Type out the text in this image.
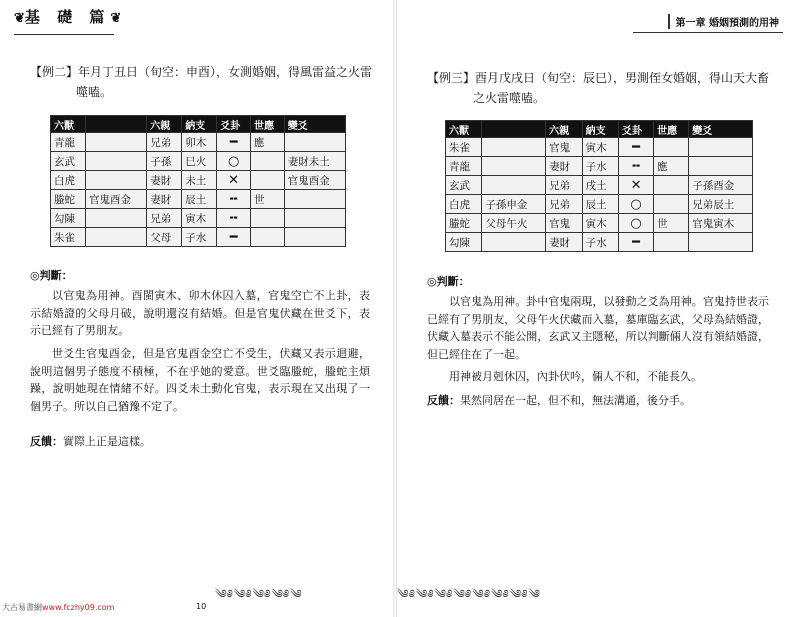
❦基 礎 篇❦
【例二】年月丁丑日（旬空：申酉），女測婚姻，得風雷益之火雷
噬嗑。
六獸		六親	納支	爻卦	世應	變爻
青龍		兄弟	卯木	━	應	
玄武		子孫	巳火	○		妻財未土
白虎		妻財	未土	✕		官鬼酉金
螣蛇	官鬼酉金	妻財	辰土	╍	世	
勾陳		兄弟	寅木	╍		
朱雀		父母	子水	━		
◎判斷：
以官鬼為用神。酉閩寅木、卯木休囚入墓，官鬼空亡不上卦，表示結婚證的父母月破，說明還沒有結婚。但是官鬼伏藏在世爻下，表示已經有了男朋友。
世爻生官鬼酉金，但是官鬼酉金空亡不受生，伏藏又表示迴避，說明這個男子態度不積極，不在乎她的愛意。世爻臨螣蛇，螣蛇主煩躁，說明她現在情緒不好。四爻未土動化官鬼，表示現在又出現了一個男子。所以自己猶豫不定了。
反饋：實際上正是這樣。
大古易書網www.fczhy09.com	10
༄༅༄༅༄༅༄༅༄
第一章 婚姻預測的用神
【例三】酉月戊戌日（旬空：辰巳），男測侄女婚姻，得山天大畜
之火雷噬嗑。
六獸		六親	納支	爻卦	世應	變爻
朱雀		官鬼	寅木	━		
青龍		妻財	子水	╍	應	
玄武		兄弟	戌土	✕		子孫酉金
白虎	子孫申金	兄弟	辰土	○		兄弟辰土
螣蛇	父母午火	官鬼	寅木	○	世	官鬼寅木
勾陳		妻財	子水	━		
◎判斷：
以官鬼為用神。卦中官鬼兩現，以發動之爻為用神。官鬼持世表示已經有了男朋友，父母午火伏藏而入墓，墓庫臨玄武，父母為結婚證，伏藏入墓表示不能公開，玄武又主隱秘，所以判斷倆人沒有領結婚證，但已經住在了一起。
用神被月剋休囚，內卦伏吟，倆人不和，不能長久。
反饋：果然同居在一起，但不和，無法溝通，後分手。
༄༅༄༅༄༅༄༅༄༅༄༅༄༅༄
